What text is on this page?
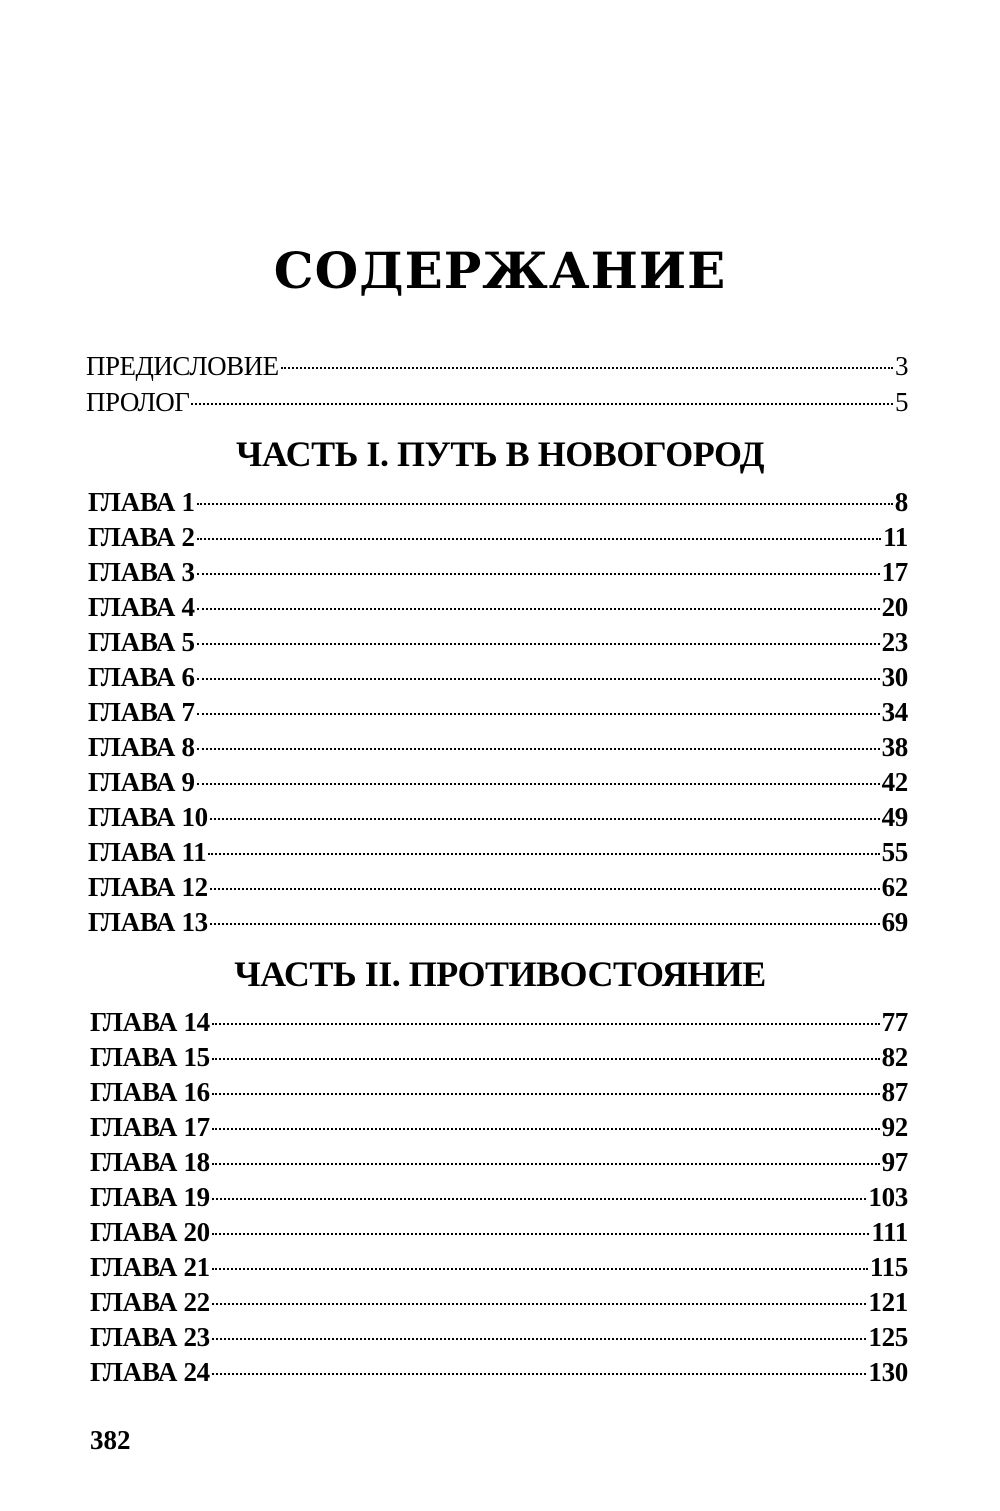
СОДЕРЖАНИЕ
ПРЕДИСЛОВИЕ	3
ПРОЛОГ	5
ЧАСТЬ I. ПУТЬ В НОВОГОРОД
ГЛАВА 1	8
ГЛАВА 2	11
ГЛАВА 3	17
ГЛАВА 4	20
ГЛАВА 5	23
ГЛАВА 6	30
ГЛАВА 7	34
ГЛАВА 8	38
ГЛАВА 9	42
ГЛАВА 10	49
ГЛАВА 11	55
ГЛАВА 12	62
ГЛАВА 13	69
ЧАСТЬ II. ПРОТИВОСТОЯНИЕ
ГЛАВА 14	77
ГЛАВА 15	82
ГЛАВА 16	87
ГЛАВА 17	92
ГЛАВА 18	97
ГЛАВА 19	103
ГЛАВА 20	111
ГЛАВА 21	115
ГЛАВА 22	121
ГЛАВА 23	125
ГЛАВА 24	130
382
